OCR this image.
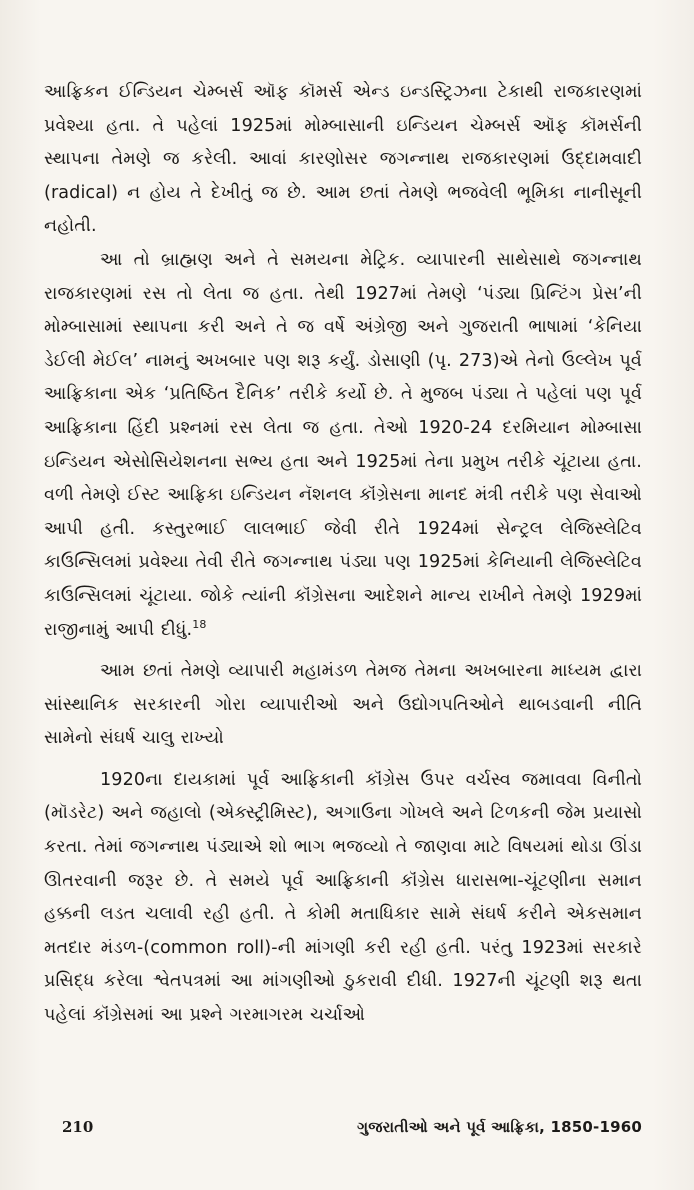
આફ્રિકન ઈન્ડિયન ચેમ્બર્સ ઑફ કૉમર્સ એન્ડ ઇન્ડસ્ટ્રિઝના ટેકાથી રાજકારણમાં પ્રવેશ્યા હતા. તે પહેલાં 1925માં મોમ્બાસાની ઇન્ડિયન ચેમ્બર્સ ઑફ કૉમર્સની સ્થાપના તેમણે જ કરેલી. આવાં કારણોસર જગન્નાથ રાજકારણમાં ઉદ્દામવાદી (radical) ન હોય તે દેખીતું જ છે. આમ છતાં તેમણે ભજવેલી ભૂમિકા નાનીસૂની નહોતી.

આ તો બ્રાહ્મણ અને તે સમયના મેટ્રિક. વ્યાપારની સાથેસાથે જગન્નાથ રાજકારણમાં રસ તો લેતા જ હતા. તેથી 1927માં તેમણે ‘પંડ્યા પ્રિન્ટિંગ પ્રેસ’ની મોમ્બાસામાં સ્થાપના કરી અને તે જ વર્ષે અંગ્રેજી અને ગુજરાતી ભાષામાં ‘કેનિયા ડેઈલી મેઈલ’ નામનું અખબાર પણ શરૂ કર્યું. ડોસાણી (પૃ. 273)એ તેનો ઉલ્લેખ પૂર્વ આફ્રિકાના એક ‘પ્રતિષ્ઠિત દૈનિક’ તરીકે કર્યો છે. તે મુજબ પંડ્યા તે પહેલાં પણ પૂર્વ આફ્રિકાના હિંદી પ્રશ્નમાં રસ લેતા જ હતા. તેઓ 1920-24 દરમિયાન મોમ્બાસા ઇન્ડિયન એસોસિયેશનના સભ્ય હતા અને 1925માં તેના પ્રમુખ તરીકે ચૂંટાયા હતા. વળી તેમણે ઈસ્ટ આફ્રિકા ઇન્ડિયન નૅશનલ કૉંગ્રેસના માનદ મંત્રી તરીકે પણ સેવાઓ આપી હતી. કસ્તુરભાઈ લાલભાઈ જેવી રીતે 1924માં સેન્ટ્રલ લેજિસ્લેટિવ કાઉન્સિલમાં પ્રવેશ્યા તેવી રીતે જગન્નાથ પંડ્યા પણ 1925માં કેનિયાની લેજિસ્લેટિવ કાઉન્સિલમાં ચૂંટાયા. જોકે ત્યાંની કૉંગ્રેસના આદેશને માન્ય રાખીને તેમણે 1929માં રાજીનામું આપી દીધું.$^{18}$

આમ છતાં તેમણે વ્યાપારી મહામંડળ તેમજ તેમના અખબારના માધ્યમ દ્વારા સાંસ્થાનિક સરકારની ગોરા વ્યાપારીઓ અને ઉદ્યોગપતિઓને થાબડવાની નીતિ સામેનો સંઘર્ષ ચાલુ રાખ્યો

1920ના દાયકામાં પૂર્વ આફ્રિકાની કૉંગ્રેસ ઉપર વર્ચસ્વ જમાવવા વિનીતો (મૉડરેટ) અને જહાલો (એક્સ્ટ્રીમિસ્ટ), અગાઉના ગોખલે અને ટિળકની જેમ પ્રયાસો કરતા. તેમાં જગન્નાથ પંડ્યાએ શો ભાગ ભજવ્યો તે જાણવા માટે વિષયમાં થોડા ઊંડા ઊતરવાની જરૂર છે. તે સમયે પૂર્વ આફ્રિકાની કૉંગ્રેસ ધારાસભા-ચૂંટણીના સમાન હક્કની લડત ચલાવી રહી હતી. તે કોમી મતાધિકાર સામે સંઘર્ષ કરીને એકસમાન મતદાર મંડળ-(common roll)-ની માંગણી કરી રહી હતી. પરંતુ 1923માં સરકારે પ્રસિદ્ધ કરેલા શ્વેતપત્રમાં આ માંગણીઓ ઠુકરાવી દીધી. 1927ની ચૂંટણી શરૂ થતા પહેલાં કૉંગ્રેસમાં આ પ્રશ્ને ગરમાગરમ ચર્ચાઓ

210	ગુજરાતીઓ અને પૂર્વ આફ્રિકા, 1850-1960
